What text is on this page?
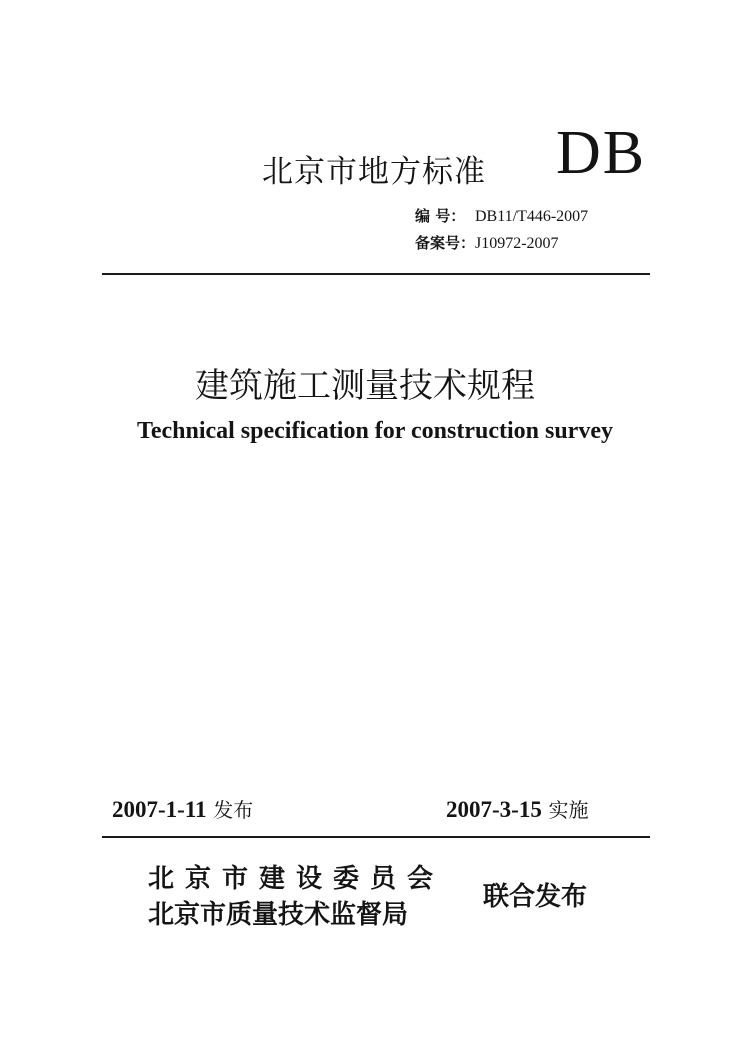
北京市地方标准 DB
编 号： DB11/T446-2007
备案号：J10972-2007
建筑施工测量技术规程
Technical specification for construction survey
2007-1-11 发布	2007-3-15 实施
北京市建设委员会
北京市质量技术监督局
联合发布
